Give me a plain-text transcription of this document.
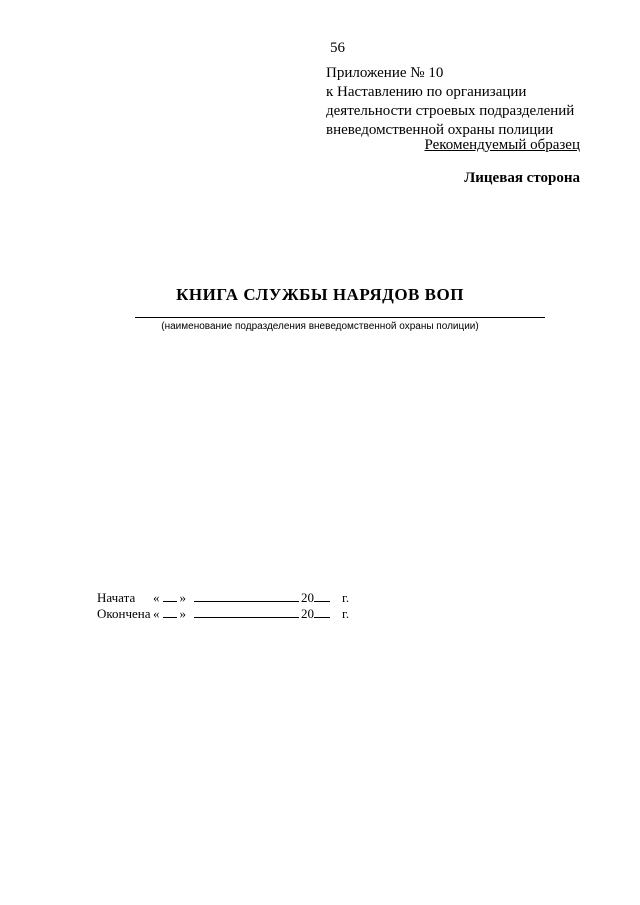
56
Приложение № 10
к Наставлению по организации
деятельности строевых подразделений
вневедомственной охраны полиции
Рекомендуемый образец
Лицевая сторона
КНИГА СЛУЖБЫ НАРЯДОВ ВОП
(наименование подразделения вневедомственной охраны полиции)
Начата	« »	20 г.
Окончена « »	20 г.
